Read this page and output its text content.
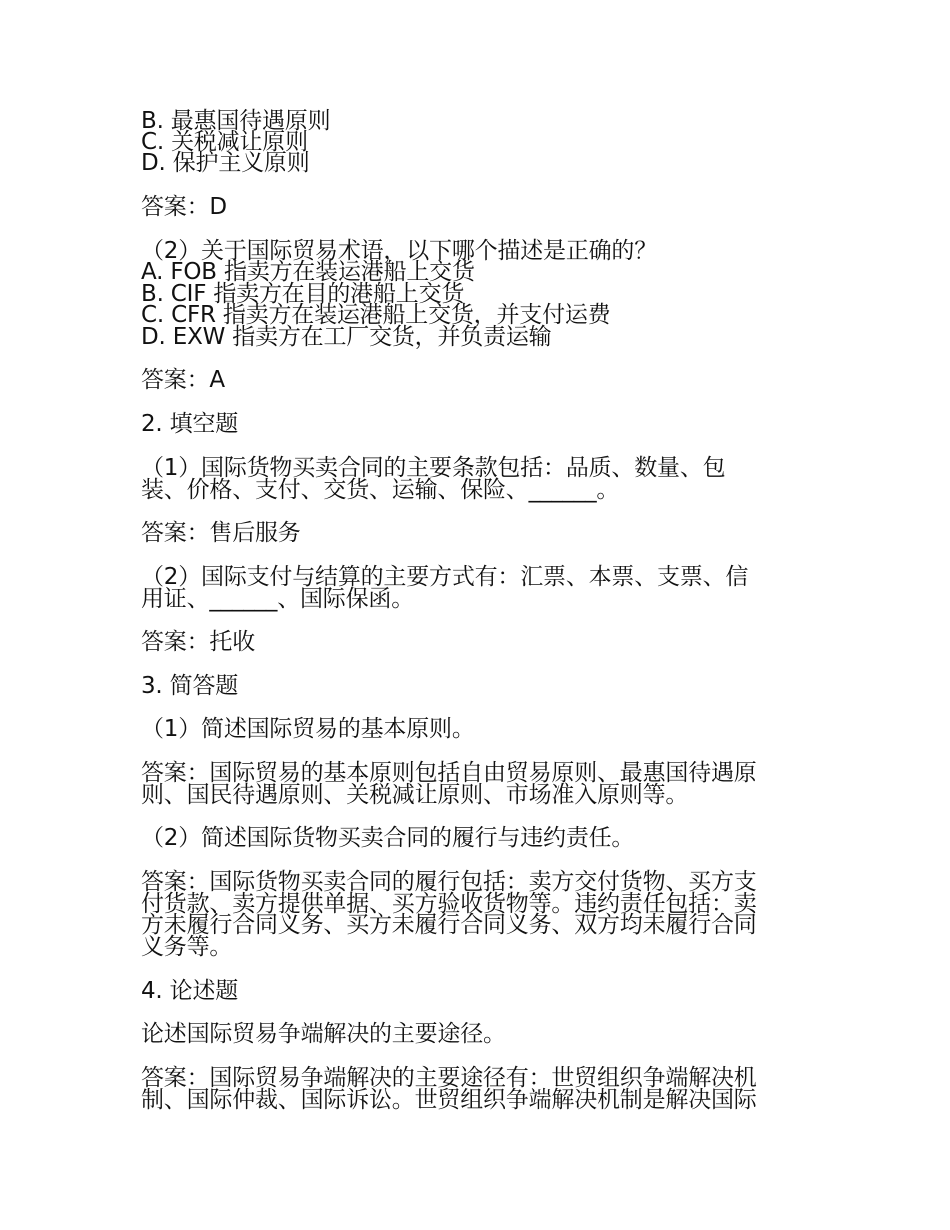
B. 最惠国待遇原则
C. 关税减让原则
D. 保护主义原则
答案：D
（2）关于国际贸易术语，以下哪个描述是正确的？
A. FOB 指卖方在装运港船上交货
B. CIF 指卖方在目的港船上交货
C. CFR 指卖方在装运港船上交货，并支付运费
D. EXW 指卖方在工厂交货，并负责运输
答案：A
2. 填空题
（1）国际货物买卖合同的主要条款包括：品质、数量、包
装、价格、支付、交货、运输、保险、______。
答案：售后服务
（2）国际支付与结算的主要方式有：汇票、本票、支票、信
用证、______、国际保函。
答案：托收
3. 简答题
（1）简述国际贸易的基本原则。
答案：国际贸易的基本原则包括自由贸易原则、最惠国待遇原
则、国民待遇原则、关税减让原则、市场准入原则等。
（2）简述国际货物买卖合同的履行与违约责任。
答案：国际货物买卖合同的履行包括：卖方交付货物、买方支
付货款、卖方提供单据、买方验收货物等。违约责任包括：卖
方未履行合同义务、买方未履行合同义务、双方均未履行合同
义务等。
4. 论述题
论述国际贸易争端解决的主要途径。
答案：国际贸易争端解决的主要途径有：世贸组织争端解决机
制、国际仲裁、国际诉讼。世贸组织争端解决机制是解决国际
